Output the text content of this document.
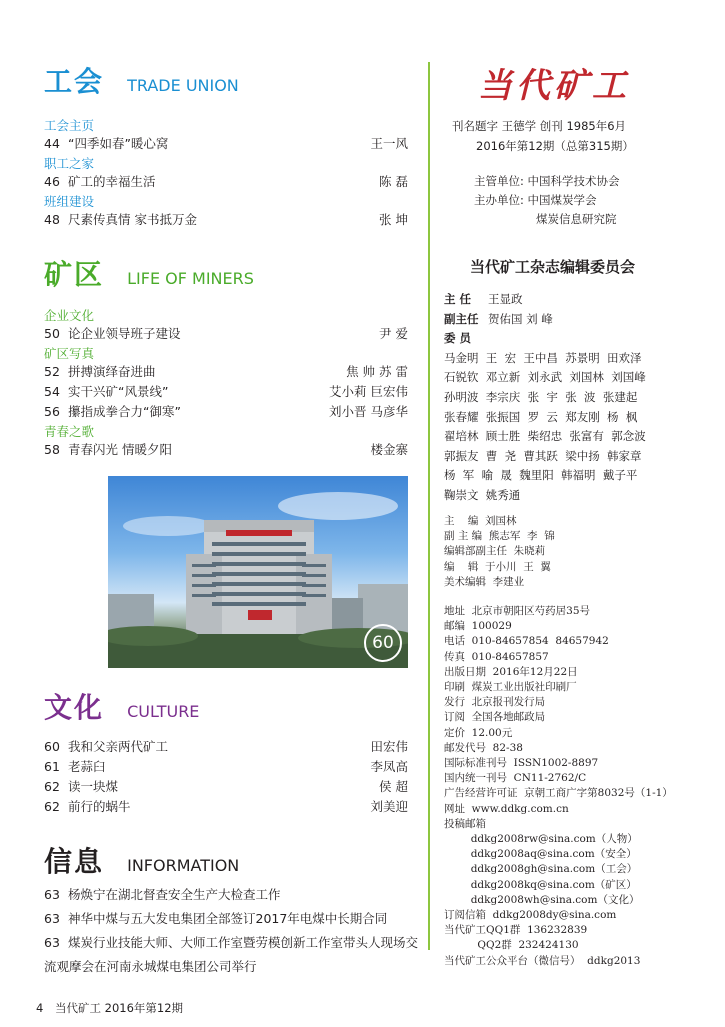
工会 TRADE UNION
工会主页
44 “四季如春”暖心窝	王一风
职工之家
46 矿工的幸福生活	陈 磊
班组建设
48 尺素传真情 家书抵万金	张 坤
矿区 LIFE OF MINERS
企业文化
50 论企业领导班子建设	尹 爱
矿区写真
52 拼搏演绎奋进曲	焦 帅 苏 雷
54 实干兴矿“风景线”	艾小莉 巨宏伟
56 攥指成拳合力“御寒”	刘小晋 马彦华
青春之歌
58 青春闪光 情暖夕阳	楼金寨
60
文化 CULTURE
60 我和父亲两代矿工	田宏伟
61 老蒜臼	李凤高
62 读一块煤	侯 超
62 前行的蜗牛	刘美迎
信息 INFORMATION
63 杨焕宁在湖北督查安全生产大检查工作
63 神华中煤与五大发电集团全部签订2017年电煤中长期合同
63 煤炭行业技能大师、大师工作室暨劳模创新工作室带头人现场交
流观摩会在河南永城煤电集团公司举行
4 当代矿工 2016年第12期
当代矿工
刊名题字 王德学 创刊 1985年6月
2016年第12期（总第315期）
主管单位: 中国科学技术协会
主办单位: 中国煤炭学会
煤炭信息研究院
当代矿工杂志编辑委员会
主 任 王显政
副主任 贺佑国 刘 峰
委 员
马金明  王  宏  王中昌  苏景明  田欢泽
石锐钦  邓立新  刘永武  刘国林  刘国峰
孙明波  李宗庆  张  宇  张  波  张建起
张春耀  张振国  罗  云  郑友刚  杨  枫
翟培林  顾士胜  柴绍忠  张富有  郭念波
郭振友  曹  尧  曹其跃  梁中扬  韩家章
杨  军  喻  晟  魏里阳  韩福明  戴子平
鞠崇文  姚秀通
主    编  刘国林
副 主 编  熊志军  李  锦
编辑部副主任  朱晓莉
编    辑  于小川  王  翼
美术编辑  李建业
地址  北京市朝阳区芍药居35号
邮编  100029
电话  010-84657854  84657942
传真  010-84657857
出版日期  2016年12月22日
印刷  煤炭工业出版社印刷厂
发行  北京报刊发行局
订阅  全国各地邮政局
定价  12.00元
邮发代号  82-38
国际标准刊号  ISSN1002-8897
国内统一刊号  CN11-2762/C
广告经营许可证  京朝工商广字第8032号（1-1）
网址  www.ddkg.com.cn
投稿邮箱
ddkg2008rw@sina.com（人物）
ddkg2008aq@sina.com（安全）
ddkg2008gh@sina.com（工会）
ddkg2008kq@sina.com（矿区）
ddkg2008wh@sina.com（文化）
订阅信箱  ddkg2008dy@sina.com
当代矿工QQ1群  136232839
QQ2群  232424130
当代矿工公众平台（微信号）  ddkg2013
